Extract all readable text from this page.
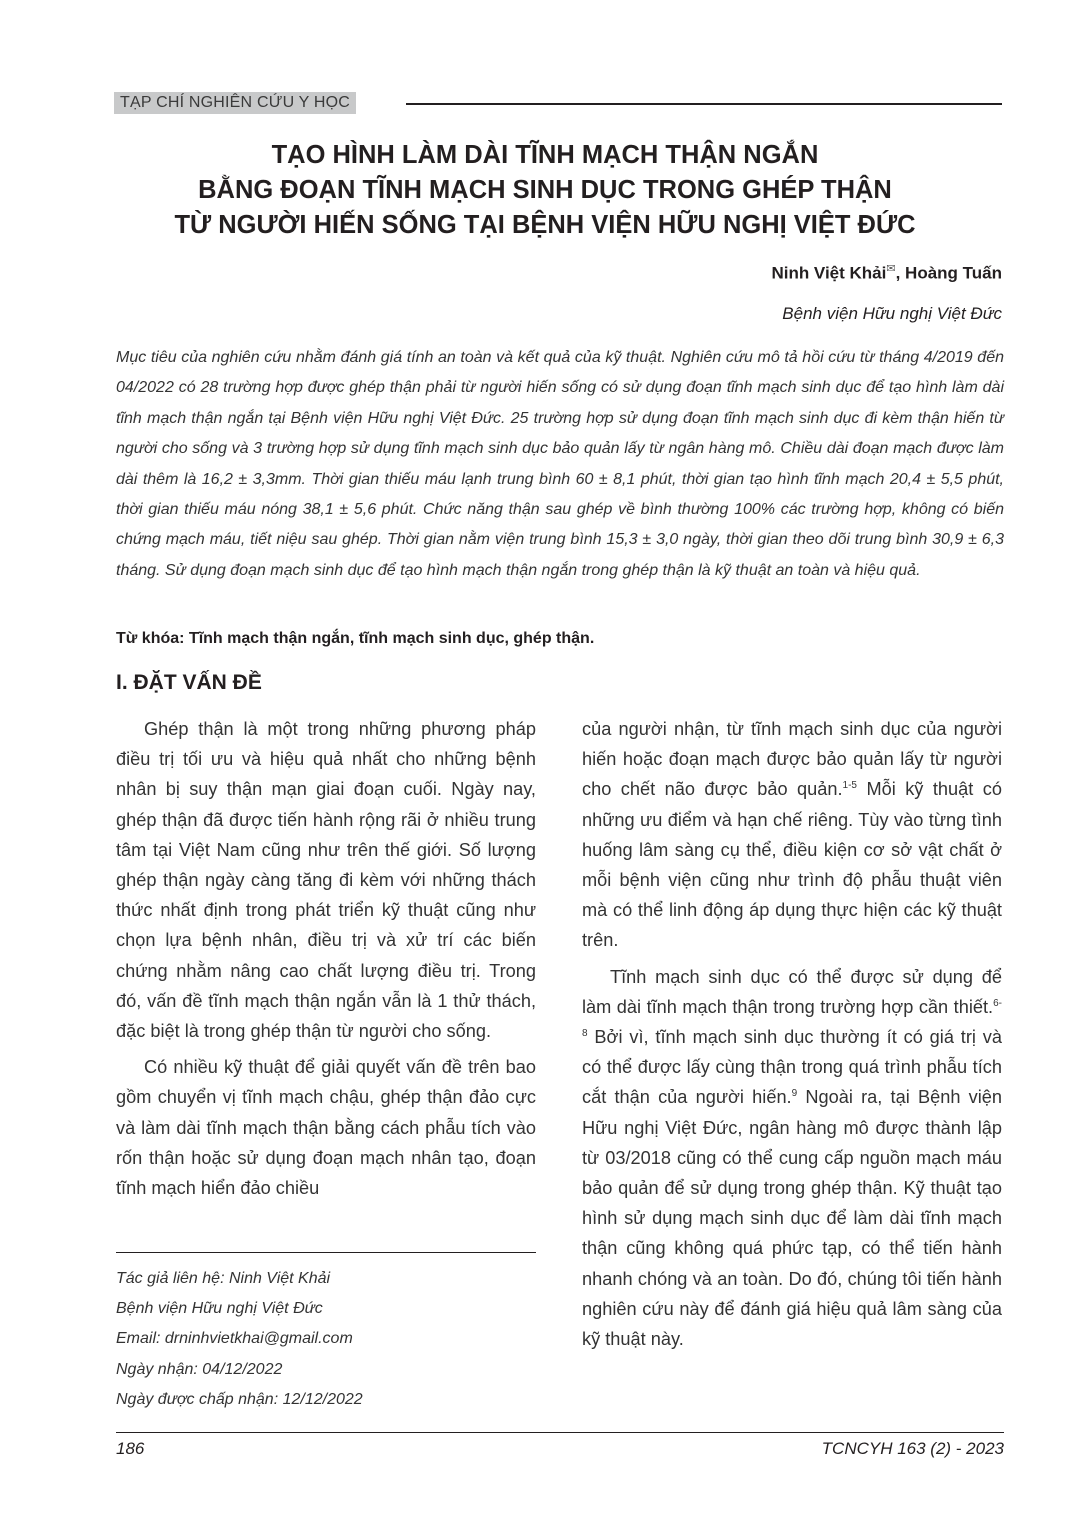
TẠP CHÍ NGHIÊN CỨU Y HỌC
TẠO HÌNH LÀM DÀI TĨNH MẠCH THẬN NGẮN
BẰNG ĐOẠN TĨNH MẠCH SINH DỤC TRONG GHÉP THẬN
TỪ NGƯỜI HIẾN SỐNG TẠI BỆNH VIỆN HỮU NGHỊ VIỆT ĐỨC
Ninh Việt Khải✉, Hoàng Tuấn
Bệnh viện Hữu nghị Việt Đức
Mục tiêu của nghiên cứu nhằm đánh giá tính an toàn và kết quả của kỹ thuật. Nghiên cứu mô tả hồi cứu từ tháng 4/2019 đến 04/2022 có 28 trường hợp được ghép thận phải từ người hiến sống có sử dụng đoạn tĩnh mạch sinh dục để tạo hình làm dài tĩnh mạch thận ngắn tại Bệnh viện Hữu nghị Việt Đức. 25 trường hợp sử dụng đoạn tĩnh mạch sinh dục đi kèm thận hiến từ người cho sống và 3 trường hợp sử dụng tĩnh mạch sinh dục bảo quản lấy từ ngân hàng mô. Chiều dài đoạn mạch được làm dài thêm là 16,2 ± 3,3mm. Thời gian thiếu máu lạnh trung bình 60 ± 8,1 phút, thời gian tạo hình tĩnh mạch 20,4 ± 5,5 phút, thời gian thiếu máu nóng 38,1 ± 5,6 phút. Chức năng thận sau ghép về bình thường 100% các trường hợp, không có biến chứng mạch máu, tiết niệu sau ghép. Thời gian nằm viện trung bình 15,3 ± 3,0 ngày, thời gian theo dõi trung bình 30,9 ± 6,3 tháng. Sử dụng đoạn mạch sinh dục để tạo hình mạch thận ngắn trong ghép thận là kỹ thuật an toàn và hiệu quả.
Từ khóa: Tĩnh mạch thận ngắn, tĩnh mạch sinh dục, ghép thận.
I. ĐẶT VẤN ĐỀ

Ghép thận là một trong những phương pháp điều trị tối ưu và hiệu quả nhất cho những bệnh nhân bị suy thận mạn giai đoạn cuối. Ngày nay, ghép thận đã được tiến hành rộng rãi ở nhiều trung tâm tại Việt Nam cũng như trên thế giới. Số lượng ghép thận ngày càng tăng đi kèm với những thách thức nhất định trong phát triển kỹ thuật cũng như chọn lựa bệnh nhân, điều trị và xử trí các biến chứng nhằm nâng cao chất lượng điều trị. Trong đó, vấn đề tĩnh mạch thận ngắn vẫn là 1 thử thách, đặc biệt là trong ghép thận từ người cho sống.

Có nhiều kỹ thuật để giải quyết vấn đề trên bao gồm chuyển vị tĩnh mạch chậu, ghép thận đảo cực và làm dài tĩnh mạch thận bằng cách phẫu tích vào rốn thận hoặc sử dụng đoạn mạch nhân tạo, đoạn tĩnh mạch hiển đảo chiều

của người nhận, từ tĩnh mạch sinh dục của người hiến hoặc đoạn mạch được bảo quản lấy từ người cho chết não được bảo quản.$^{1-5}$ Mỗi kỹ thuật có những ưu điểm và hạn chế riêng. Tùy vào từng tình huống lâm sàng cụ thể, điều kiện cơ sở vật chất ở mỗi bệnh viện cũng như trình độ phẫu thuật viên mà có thể linh động áp dụng thực hiện các kỹ thuật trên.

Tĩnh mạch sinh dục có thể được sử dụng để làm dài tĩnh mạch thận trong trường hợp cần thiết.$^{6-8}$ Bởi vì, tĩnh mạch sinh dục thường ít có giá trị và có thể được lấy cùng thận trong quá trình phẫu tích cắt thận của người hiến.$^9$ Ngoài ra, tại Bệnh viện Hữu nghị Việt Đức, ngân hàng mô được thành lập từ 03/2018 cũng có thể cung cấp nguồn mạch máu bảo quản để sử dụng trong ghép thận. Kỹ thuật tạo hình sử dụng mạch sinh dục để làm dài tĩnh mạch thận cũng không quá phức tạp, có thể tiến hành nhanh chóng và an toàn. Do đó, chúng tôi tiến hành nghiên cứu này để đánh giá hiệu quả lâm sàng của kỹ thuật này.

Tác giả liên hệ: Ninh Việt Khải
Bệnh viện Hữu nghị Việt Đức
Email: drninhvietkhai@gmail.com
Ngày nhận: 04/12/2022
Ngày được chấp nhận: 12/12/2022
186	TCNCYH 163 (2) - 2023
